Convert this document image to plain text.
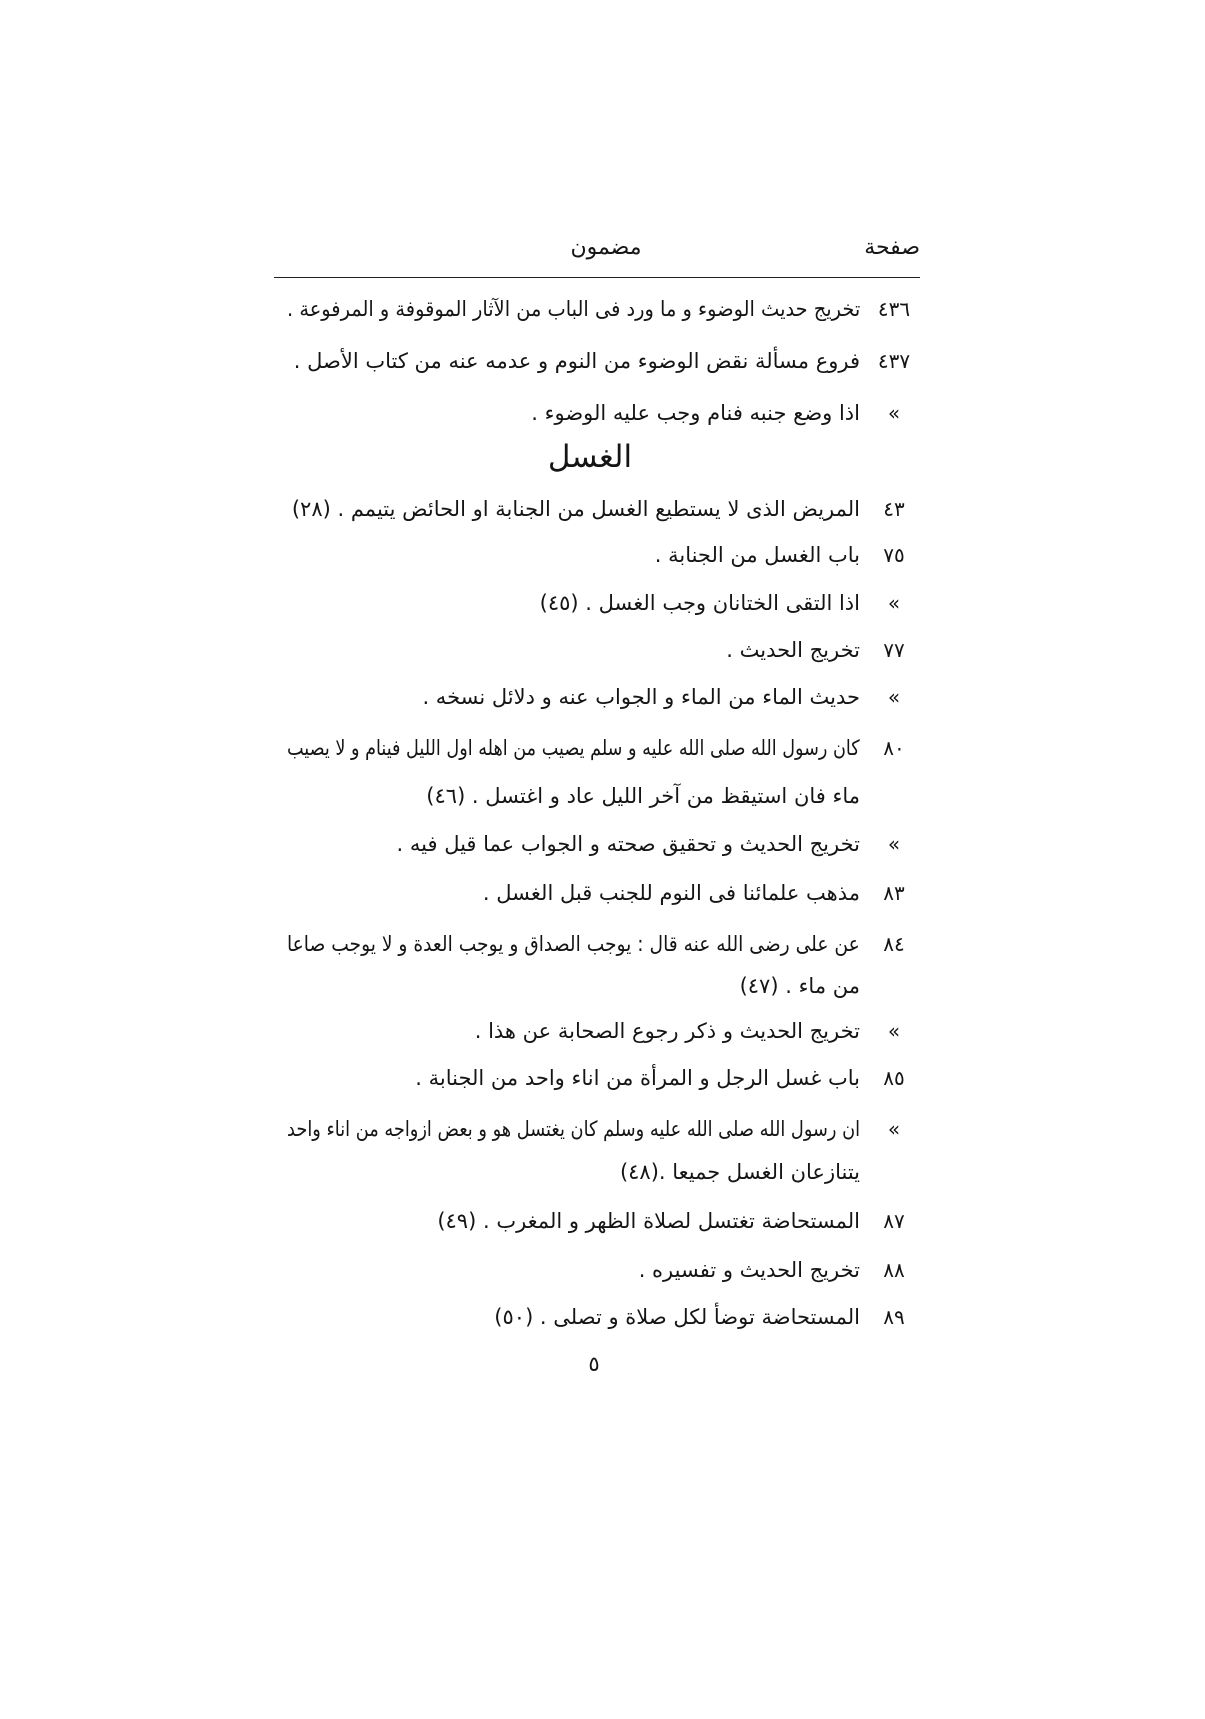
صفحة
مضمون
٤٣٦
تخريج حديث الوضوء و ما ورد فى الباب من الآثار الموقوفة و المرفوعة .
٤٣٧
فروع مسألة نقض الوضوء من النوم و عدمه عنه من كتاب الأصل .
»
اذا وضع جنبه فنام وجب عليه الوضوء .
الغسل
٤٣
المريض الذى لا يستطيع الغسل من الجنابة او الحائض يتيمم . (٢٨)
٧٥
باب الغسل من الجنابة .
»
اذا التقى الختانان وجب الغسل . (٤٥)
٧٧
تخريج الحديث .
»
حديث الماء من الماء و الجواب عنه و دلائل نسخه .
٨٠
كان رسول الله صلى الله عليه و سلم يصيب من اهله اول الليل فينام و لا يصيب
ماء فان استيقظ من آخر الليل عاد و اغتسل . (٤٦)
»
تخريج الحديث و تحقيق صحته و الجواب عما قيل فيه .
٨٣
مذهب علمائنا فى النوم للجنب قبل الغسل .
٨٤
عن على رضى الله عنه قال : يوجب الصداق و يوجب العدة و لا يوجب صاعا
من ماء . (٤٧)
»
تخريج الحديث و ذكر رجوع الصحابة عن هذا .
٨٥
باب غسل الرجل و المرأة من اناء واحد من الجنابة .
»
ان رسول الله صلى الله عليه وسلم كان يغتسل هو و بعض ازواجه من اناء واحد
يتنازعان الغسل جميعا .(٤٨)
٨٧
المستحاضة تغتسل لصلاة الظهر و المغرب . (٤٩)
٨٨
تخريج الحديث و تفسيره .
٨٩
المستحاضة توضأ لكل صلاة و تصلى . (٥٠)
٥
